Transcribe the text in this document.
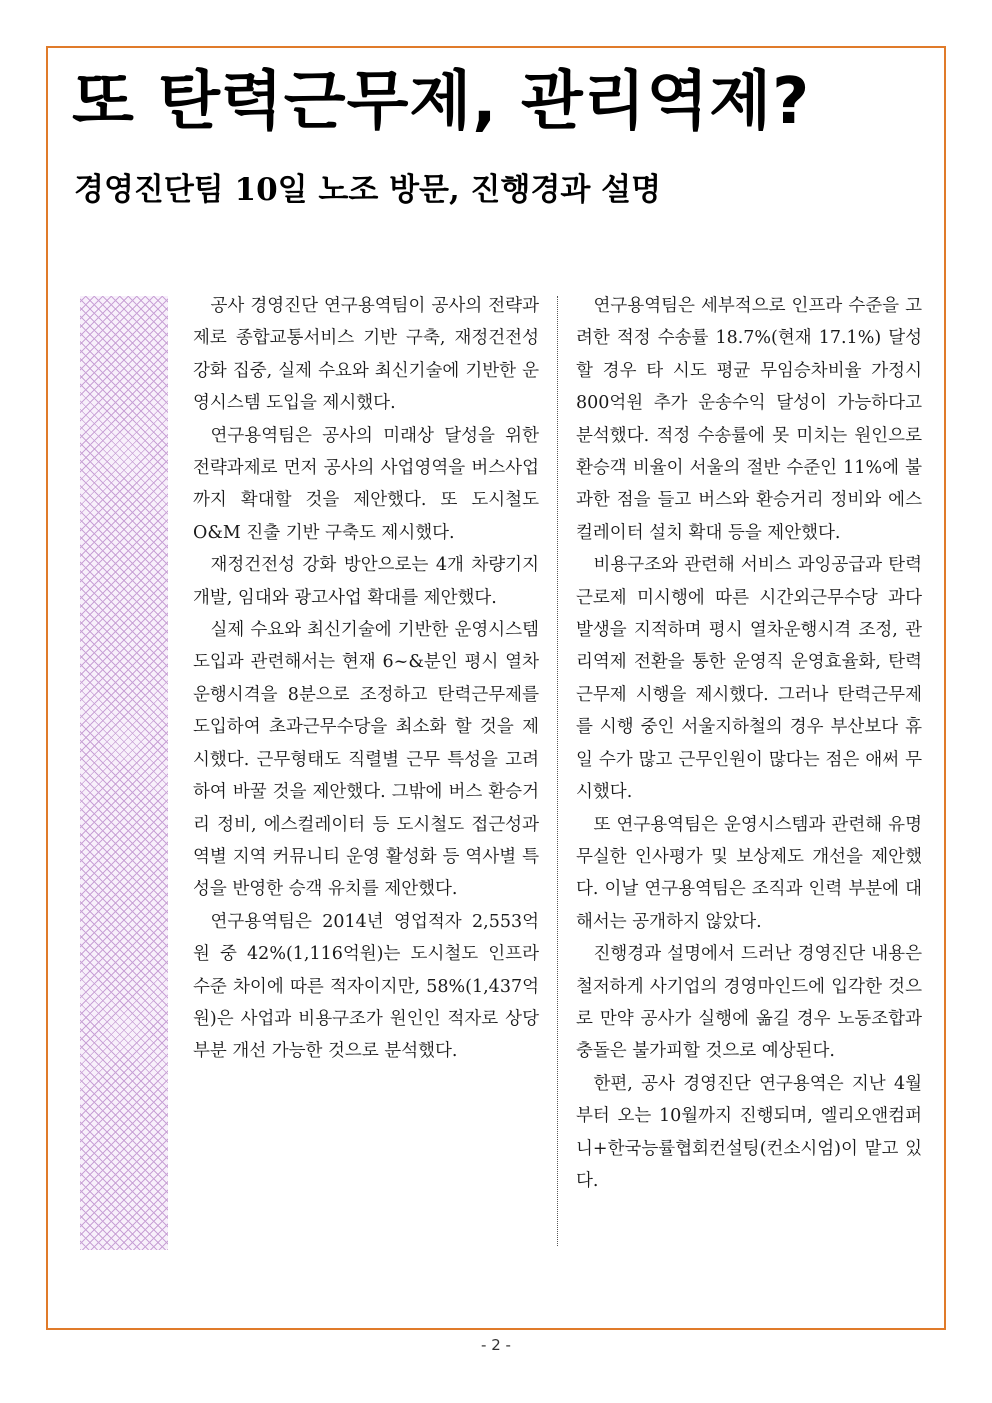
또 탄력근무제, 관리역제?
경영진단팀 10일 노조 방문, 진행경과 설명

공사 경영진단 연구용역팀이 공사의 전략과제로 종합교통서비스 기반 구축, 재정건전성 강화 집중, 실제 수요와 최신기술에 기반한 운영시스템 도입을 제시했다.

연구용역팀은 공사의 미래상 달성을 위한 전략과제로 먼저 공사의 사업영역을 버스사업까지 확대할 것을 제안했다. 또 도시철도 O&M 진출 기반 구축도 제시했다.

재정건전성 강화 방안으로는 4개 차량기지 개발, 임대와 광고사업 확대를 제안했다.

실제 수요와 최신기술에 기반한 운영시스템 도입과 관련해서는 현재 6~&분인 평시 열차 운행시격을 8분으로 조정하고 탄력근무제를 도입하여 초과근무수당을 최소화 할 것을 제시했다. 근무형태도 직렬별 근무 특성을 고려하여 바꿀 것을 제안했다. 그밖에 버스 환승거리 정비, 에스컬레이터 등 도시철도 접근성과 역별 지역 커뮤니티 운영 활성화 등 역사별 특성을 반영한 승객 유치를 제안했다.

연구용역팀은 2014년 영업적자 2,553억원 중 42%(1,116억원)는 도시철도 인프라 수준 차이에 따른 적자이지만, 58%(1,437억원)은 사업과 비용구조가 원인인 적자로 상당 부분 개선 가능한 것으로 분석했다.

연구용역팀은 세부적으로 인프라 수준을 고려한 적정 수송률 18.7%(현재 17.1%) 달성할 경우 타 시도 평균 무임승차비율 가정시 800억원 추가 운송수익 달성이 가능하다고 분석했다. 적정 수송률에 못 미치는 원인으로 환승객 비율이 서울의 절반 수준인 11%에 불과한 점을 들고 버스와 환승거리 정비와 에스컬레이터 설치 확대 등을 제안했다.

비용구조와 관련해 서비스 과잉공급과 탄력근로제 미시행에 따른 시간외근무수당 과다 발생을 지적하며 평시 열차운행시격 조정, 관리역제 전환을 통한 운영직 운영효율화, 탄력근무제 시행을 제시했다. 그러나 탄력근무제를 시행 중인 서울지하철의 경우 부산보다 휴일 수가 많고 근무인원이 많다는 점은 애써 무시했다.

또 연구용역팀은 운영시스템과 관련해 유명무실한 인사평가 및 보상제도 개선을 제안했다. 이날 연구용역팀은 조직과 인력 부분에 대해서는 공개하지 않았다.

진행경과 설명에서 드러난 경영진단 내용은 철저하게 사기업의 경영마인드에 입각한 것으로 만약 공사가 실행에 옮길 경우 노동조합과 충돌은 불가피할 것으로 예상된다.

한편, 공사 경영진단 연구용역은 지난 4월부터 오는 10월까지 진행되며, 엘리오앤컴퍼니+한국능률협회컨설팅(컨소시엄)이 맡고 있다.

- 2 -
